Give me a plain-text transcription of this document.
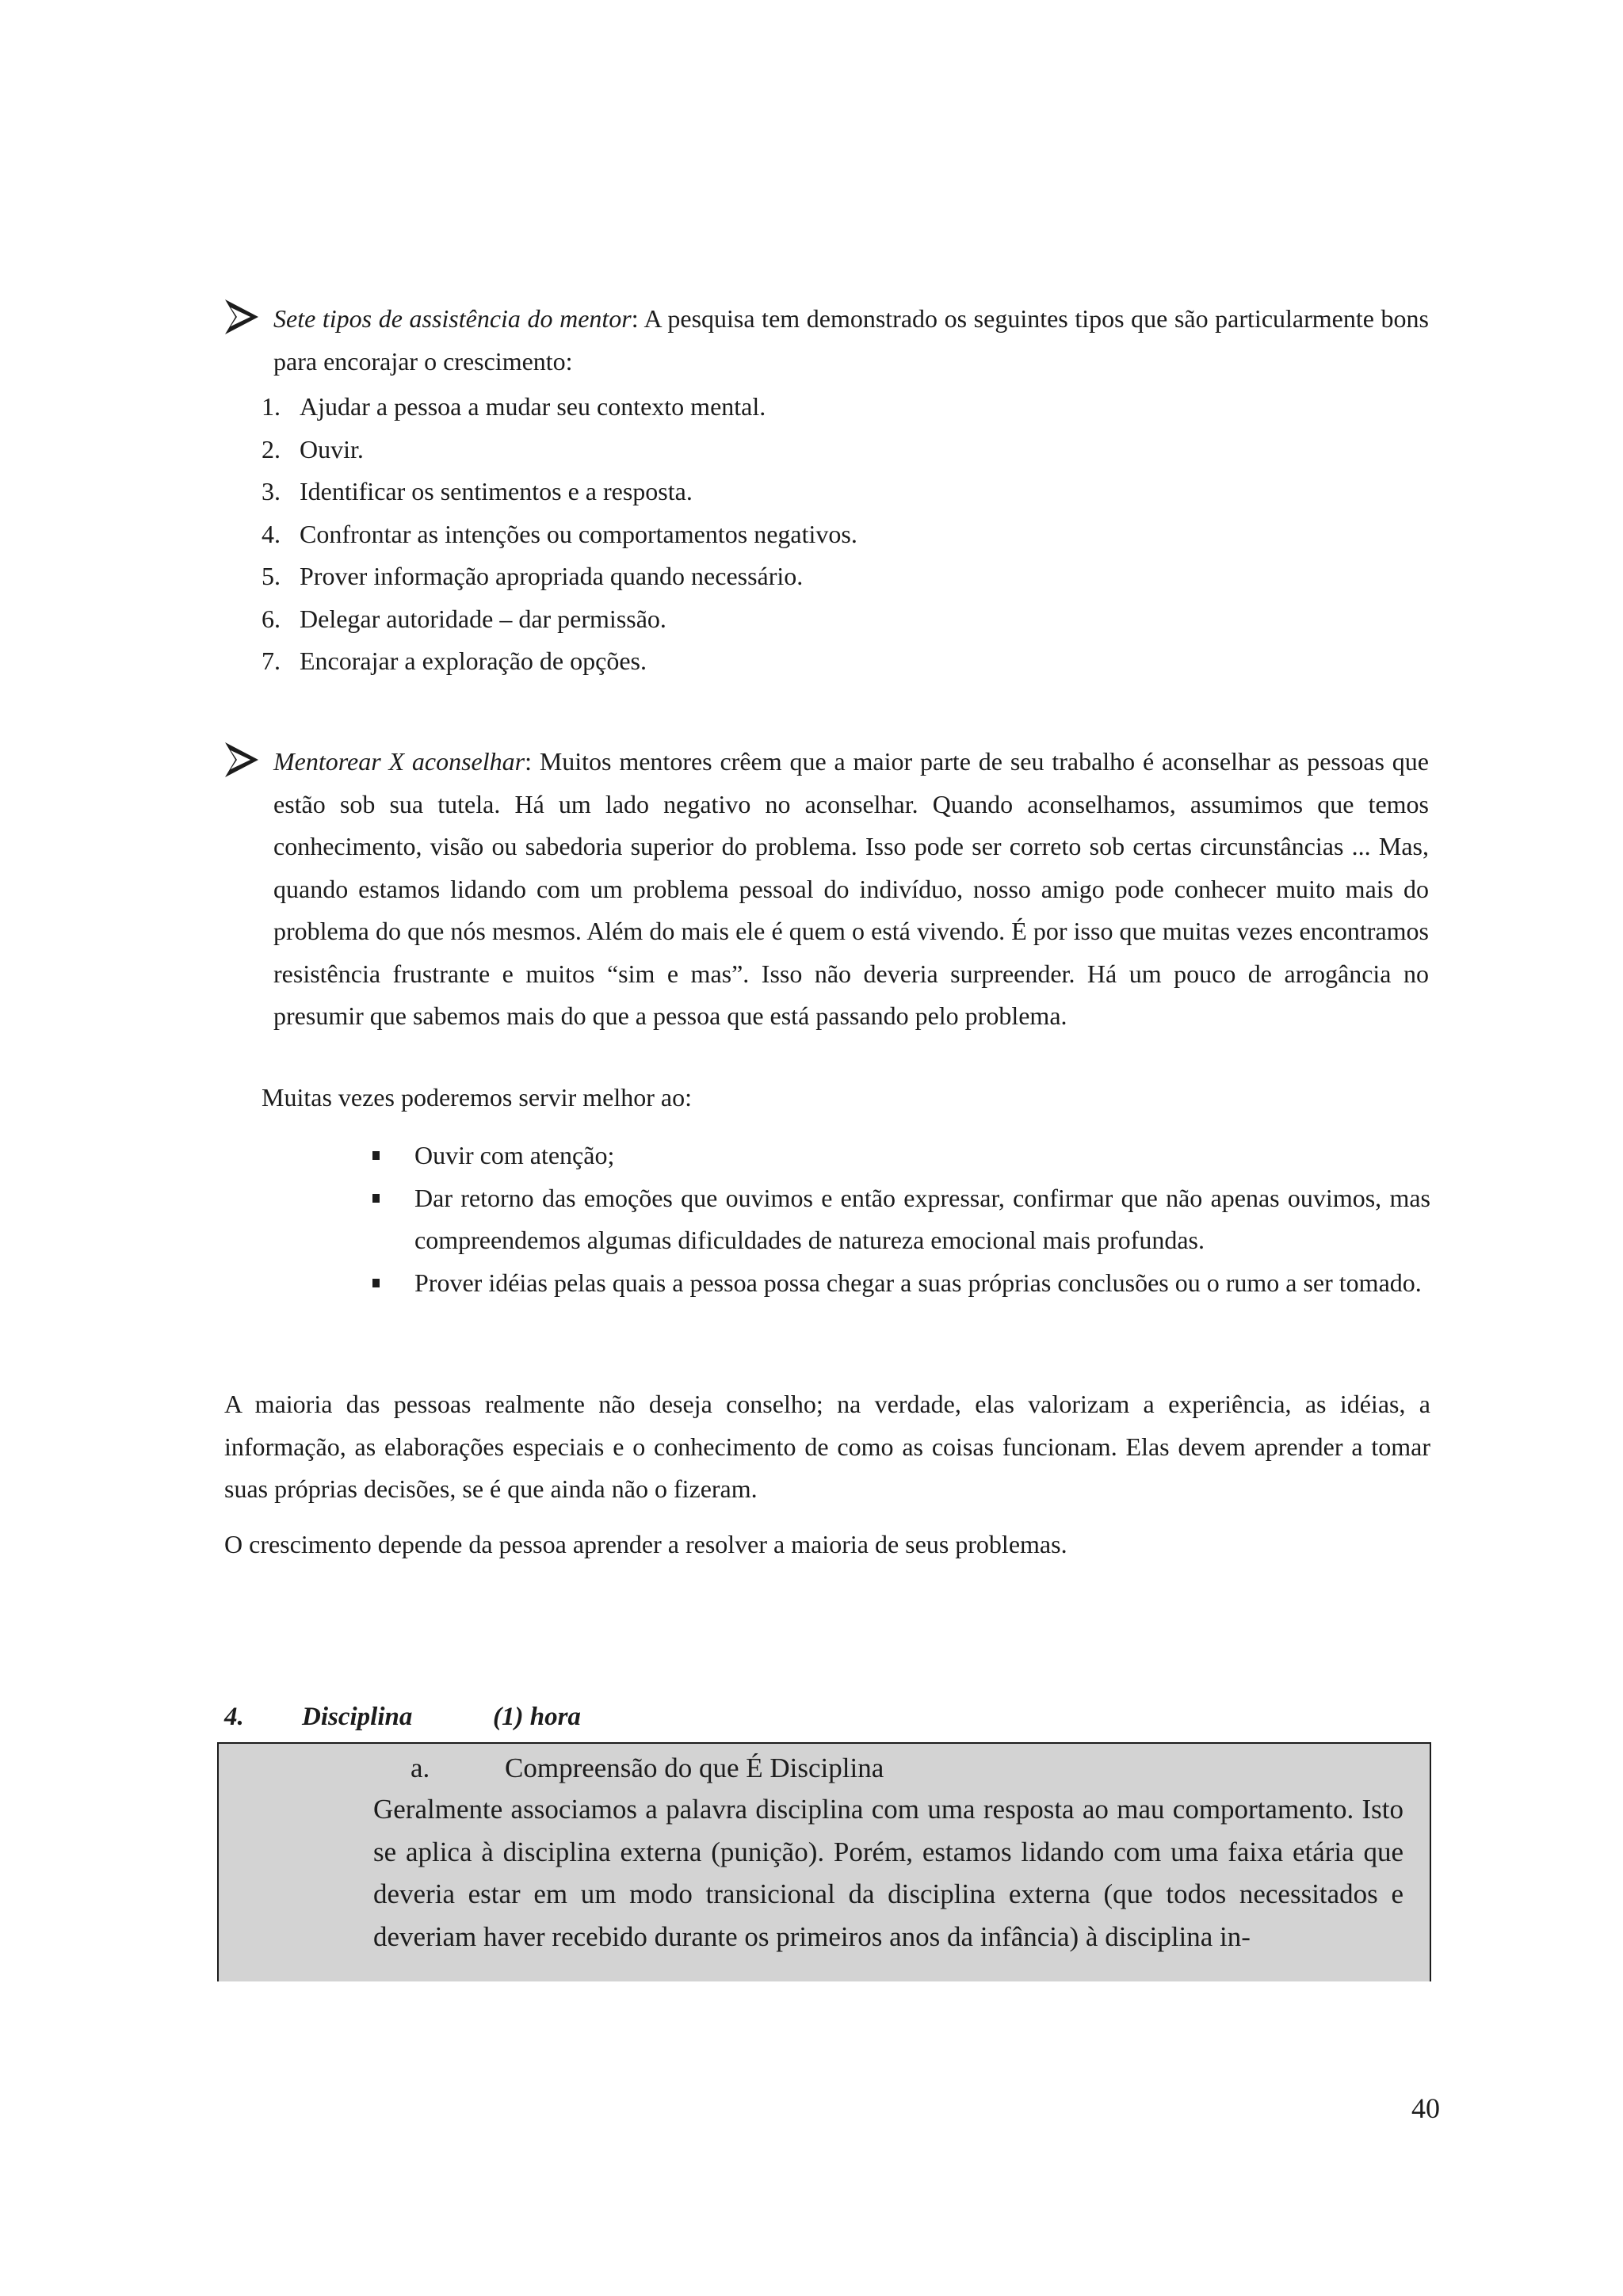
Sete tipos de assistência do mentor: A pesquisa tem demonstrado os seguintes tipos que são particularmente bons para encorajar o crescimento:

1. Ajudar a pessoa a mudar seu contexto mental.
2. Ouvir.
3. Identificar os sentimentos e a resposta.
4. Confrontar as intenções ou comportamentos negativos.
5. Prover informação apropriada quando necessário.
6. Delegar autoridade – dar permissão.
7. Encorajar a exploração de opções.

Mentorear X aconselhar: Muitos mentores crêem que a maior parte de seu trabalho é aconselhar as pessoas que estão sob sua tutela. Há um lado negativo no aconselhar. Quando aconselhamos, assumimos que temos conhecimento, visão ou sabedoria superior do problema. Isso pode ser correto sob certas circunstâncias ... Mas, quando estamos lidando com um problema pessoal do indivíduo, nosso amigo pode conhecer muito mais do problema do que nós mesmos. Além do mais ele é quem o está vivendo. É por isso que muitas vezes encontramos resistência frustrante e muitos “sim e mas”. Isso não deveria surpreender. Há um pouco de arrogância no presumir que sabemos mais do que a pessoa que está passando pelo problema.

Muitas vezes poderemos servir melhor ao:

Ouvir com atenção;
Dar retorno das emoções que ouvimos e então expressar, confirmar que não apenas ouvimos, mas compreendemos algumas dificuldades de natureza emocional mais profundas.
Prover idéias pelas quais a pessoa possa chegar a suas próprias conclusões ou o rumo a ser tomado.

A maioria das pessoas realmente não deseja conselho; na verdade, elas valorizam a experiência, as idéias, a informação, as elaborações especiais e o conhecimento de como as coisas funcionam. Elas devem aprender a tomar suas próprias decisões, se é que ainda não o fizeram.

O crescimento depende da pessoa aprender a resolver a maioria de seus problemas.

4. Disciplina	(1) hora
a.	Compreensão do que É Disciplina

Geralmente associamos a palavra disciplina com uma resposta ao mau comportamento. Isto se aplica à disciplina externa (punição). Porém, estamos lidando com uma faixa etária que deveria estar em um modo transicional da disciplina externa (que todos necessitados e deveriam haver recebido durante os primeiros anos da infância) à disciplina in-

40
